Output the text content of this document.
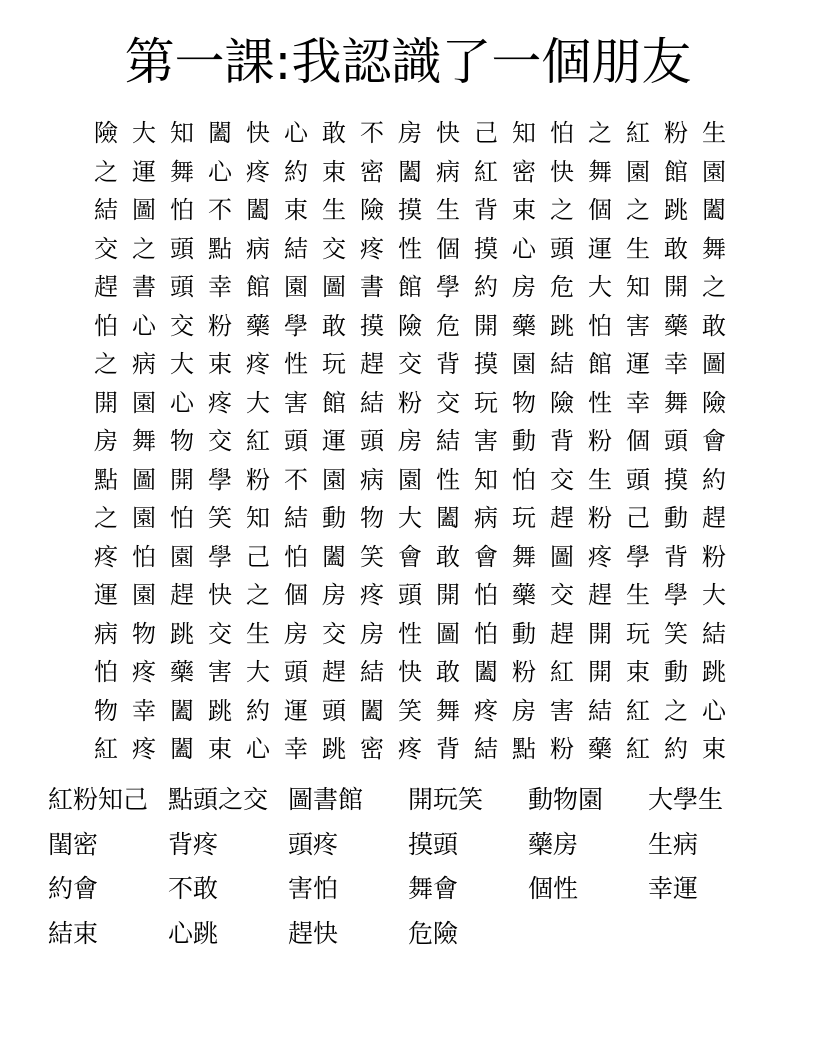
第一課:我認識了一個朋友
險 大 知 闔 快 心 敢 不 房 快 己 知 怕 之 紅 粉 生
之 運 舞 心 疼 約 束 密 闔 病 紅 密 快 舞 園 館 園
結 圖 怕 不 闔 束 生 險 摸 生 背 束 之 個 之 跳 闔
交 之 頭 點 病 結 交 疼 性 個 摸 心 頭 運 生 敢 舞
趕 書 頭 幸 館 園 圖 書 館 學 約 房 危 大 知 開 之
怕 心 交 粉 藥 學 敢 摸 險 危 開 藥 跳 怕 害 藥 敢
之 病 大 束 疼 性 玩 趕 交 背 摸 園 結 館 運 幸 圖
開 園 心 疼 大 害 館 結 粉 交 玩 物 險 性 幸 舞 險
房 舞 物 交 紅 頭 運 頭 房 結 害 動 背 粉 個 頭 會
點 圖 開 學 粉 不 園 病 園 性 知 怕 交 生 頭 摸 約
之 園 怕 笑 知 結 動 物 大 闔 病 玩 趕 粉 己 動 趕
疼 怕 園 學 己 怕 闔 笑 會 敢 會 舞 圖 疼 學 背 粉
運 園 趕 快 之 個 房 疼 頭 開 怕 藥 交 趕 生 學 大
病 物 跳 交 生 房 交 房 性 圖 怕 動 趕 開 玩 笑 結
怕 疼 藥 害 大 頭 趕 結 快 敢 闔 粉 紅 開 束 動 跳
物 幸 闔 跳 約 運 頭 闔 笑 舞 疼 房 害 結 紅 之 心
紅 疼 闔 束 心 幸 跳 密 疼 背 結 點 粉 藥 紅 約 束
紅粉知己 點頭之交 圖書館	開玩笑	動物園	大學生
閨密	背疼	頭疼	摸頭	藥房	生病
約會	不敢	害怕	舞會	個性	幸運
結束	心跳	趕快	危險
